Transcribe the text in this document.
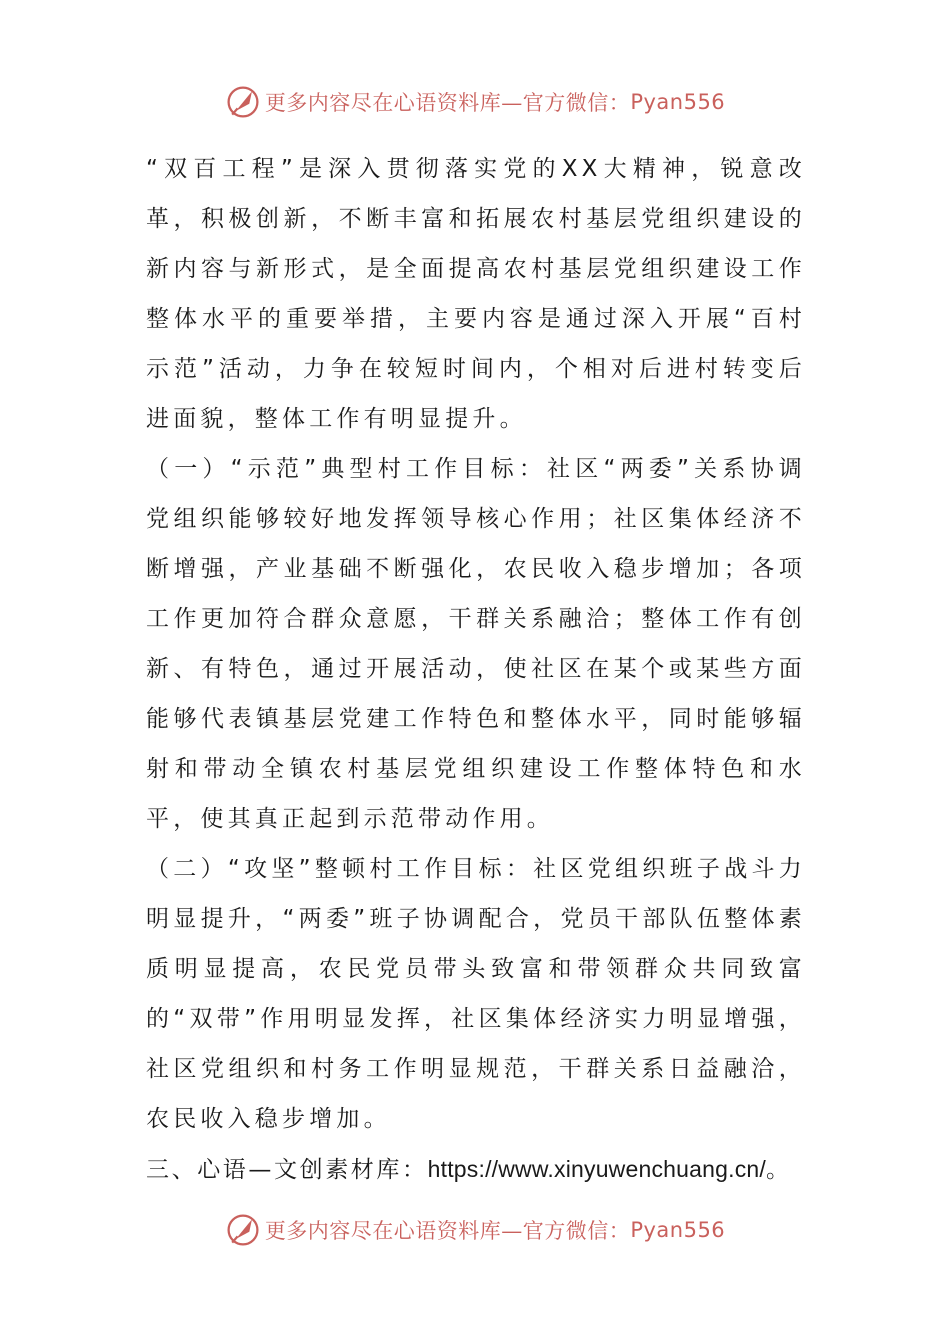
更多内容尽在心语资料库—官方微信： Pyan556

“双百工程”是深入贯彻落实党的XX大精神，锐意改革，积极创新，不断丰富和拓展农村基层党组织建设的新内容与新形式，是全面提高农村基层党组织建设工作整体水平的重要举措，主要内容是通过深入开展“百村示范”活动，力争在较短时间内，个相对后进村转变后进面貌，整体工作有明显提升。

（一）“示范”典型村工作目标：社区“两委”关系协调党组织能够较好地发挥领导核心作用；社区集体经济不断增强，产业基础不断强化，农民收入稳步增加；各项工作更加符合群众意愿，干群关系融洽；整体工作有创新、有特色，通过开展活动，使社区在某个或某些方面能够代表镇基层党建工作特色和整体水平，同时能够辐射和带动全镇农村基层党组织建设工作整体特色和水平，使其真正起到示范带动作用。

（二）“攻坚”整顿村工作目标：社区党组织班子战斗力明显提升，“两委”班子协调配合，党员干部队伍整体素质明显提高，农民党员带头致富和带领群众共同致富的“双带”作用明显发挥，社区集体经济实力明显增强，社区党组织和村务工作明显规范，干群关系日益融洽，农民收入稳步增加。

三、心语—文创素材库：https://www.xinyuwenchuang.cn/。

更多内容尽在心语资料库—官方微信： Pyan556
